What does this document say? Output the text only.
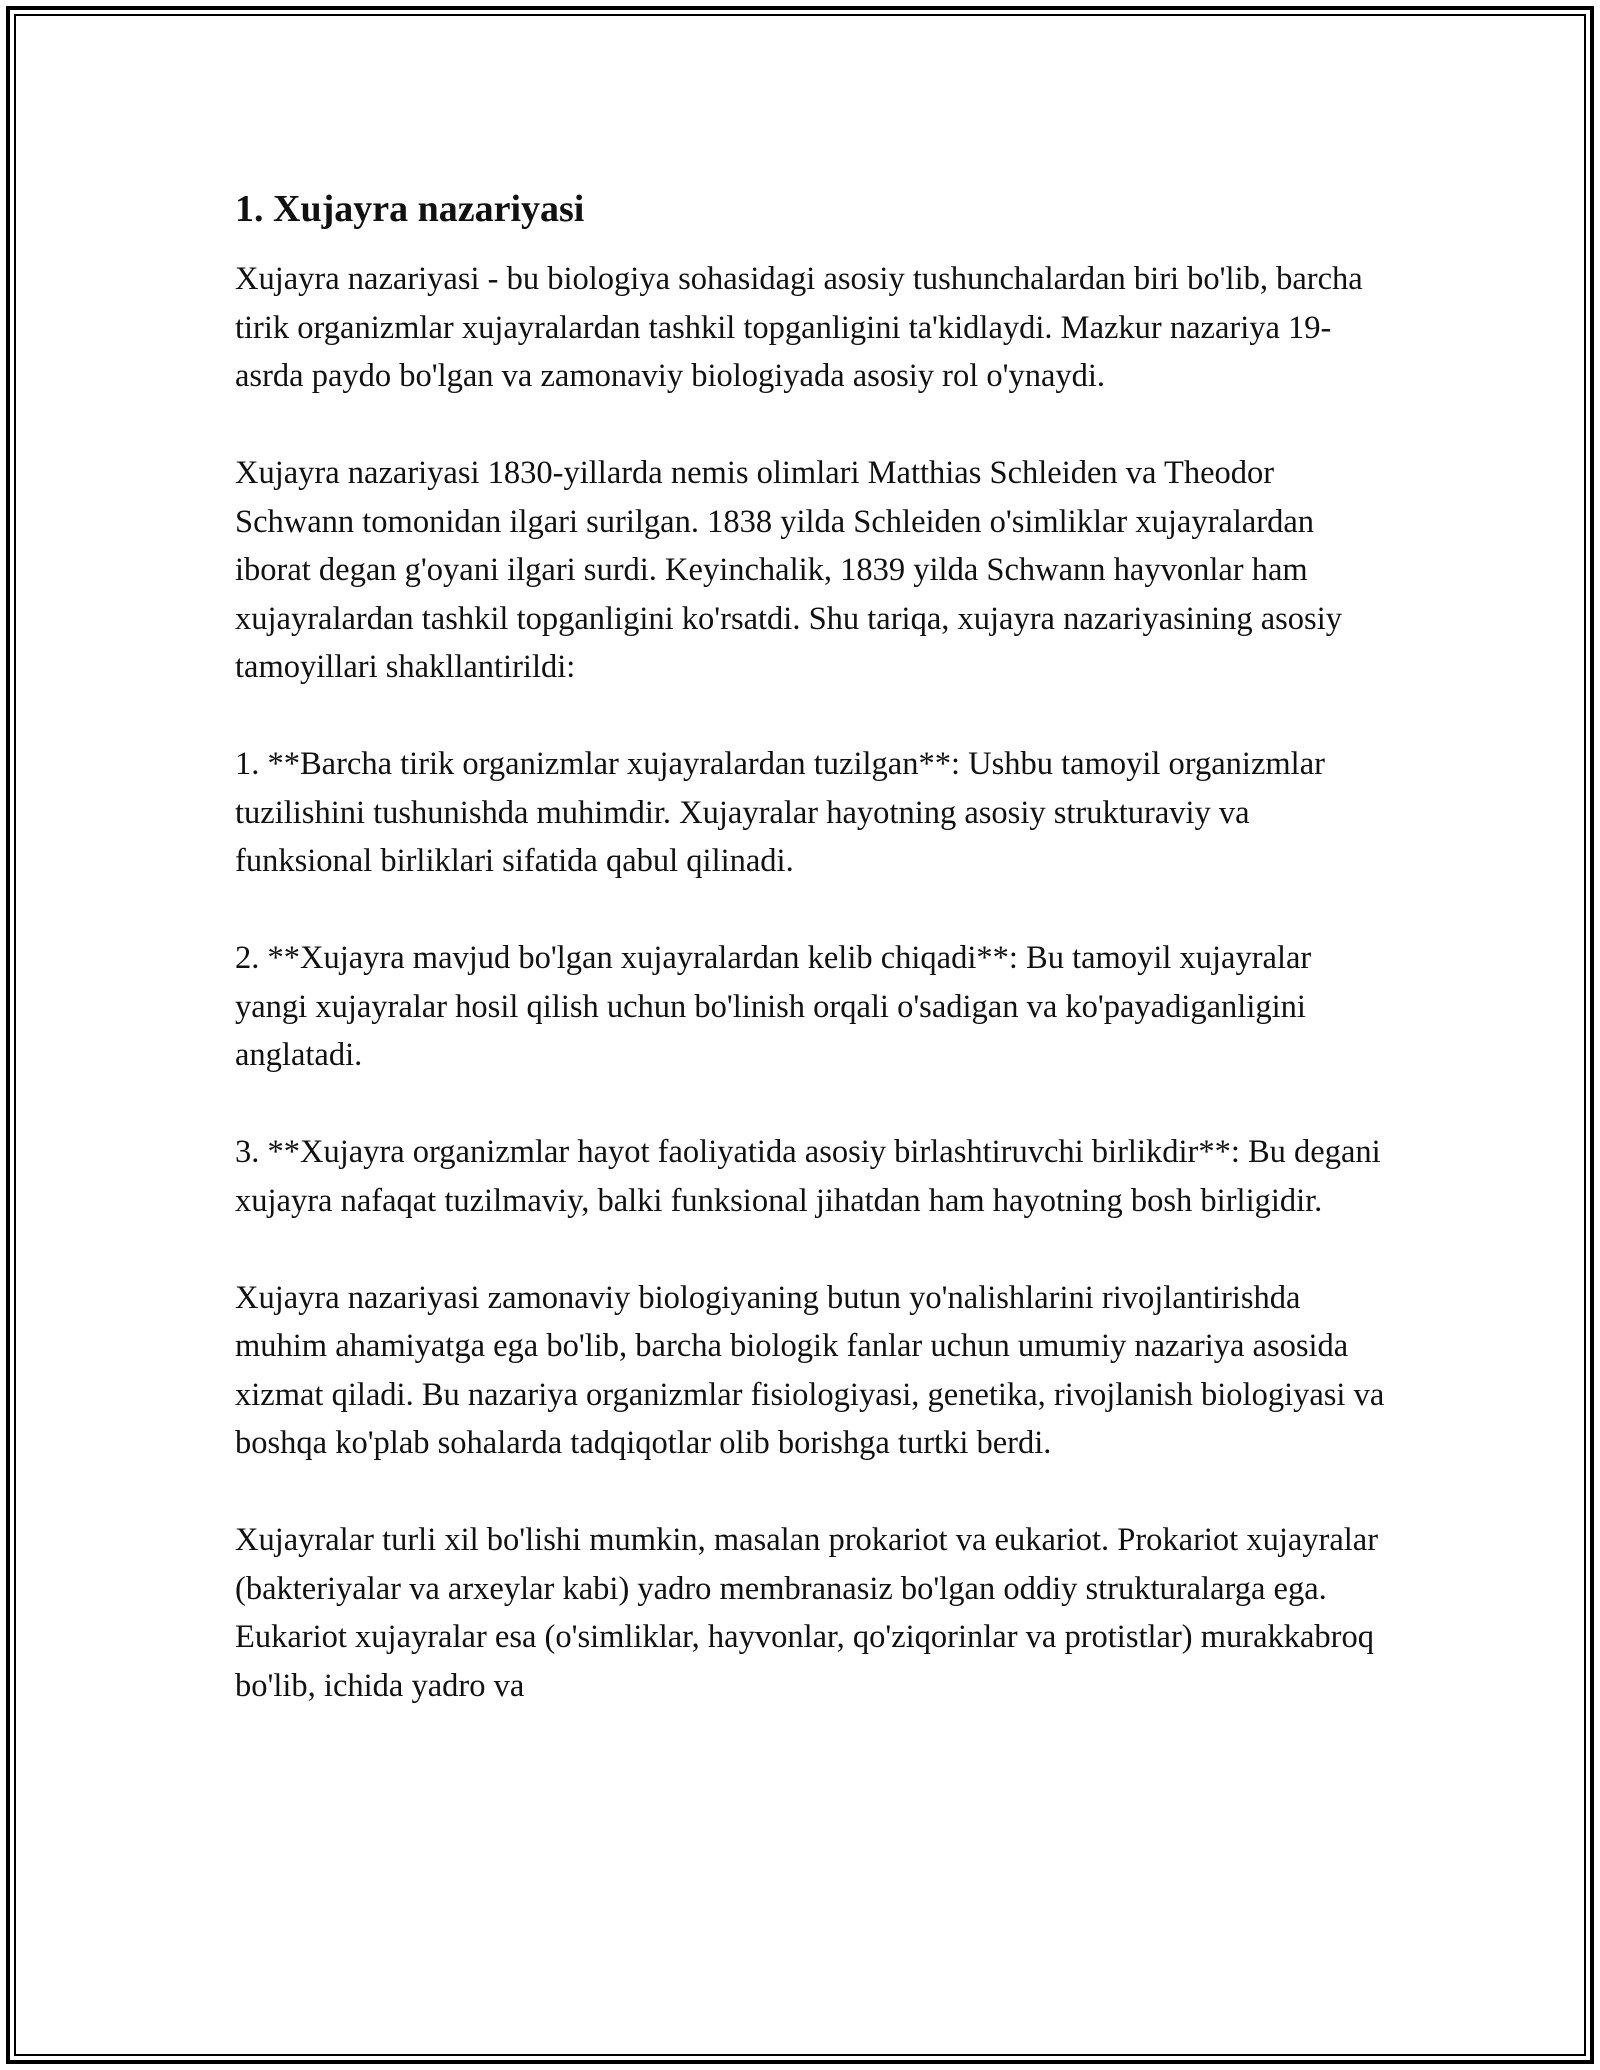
1. Xujayra nazariyasi

Xujayra nazariyasi - bu biologiya sohasidagi asosiy tushunchalardan biri bo'lib, barcha tirik organizmlar xujayralardan tashkil topganligini ta'kidlaydi. Mazkur nazariya 19-asrda paydo bo'lgan va zamonaviy biologiyada asosiy rol o'ynaydi.

Xujayra nazariyasi 1830-yillarda nemis olimlari Matthias Schleiden va Theodor Schwann tomonidan ilgari surilgan. 1838 yilda Schleiden o'simliklar xujayralardan iborat degan g'oyani ilgari surdi. Keyinchalik, 1839 yilda Schwann hayvonlar ham xujayralardan tashkil topganligini ko'rsatdi. Shu tariqa, xujayra nazariyasining asosiy tamoyillari shakllantirildi:

1. **Barcha tirik organizmlar xujayralardan tuzilgan**: Ushbu tamoyil organizmlar tuzilishini tushunishda muhimdir. Xujayralar hayotning asosiy strukturaviy va funksional birliklari sifatida qabul qilinadi.

2. **Xujayra mavjud bo'lgan xujayralardan kelib chiqadi**: Bu tamoyil xujayralar yangi xujayralar hosil qilish uchun bo'linish orqali o'sadigan va ko'payadiganligini anglatadi.

3. **Xujayra organizmlar hayot faoliyatida asosiy birlashtiruvchi birlikdir**: Bu degani xujayra nafaqat tuzilmaviy, balki funksional jihatdan ham hayotning bosh birligidir.

Xujayra nazariyasi zamonaviy biologiyaning butun yo'nalishlarini rivojlantirishda muhim ahamiyatga ega bo'lib, barcha biologik fanlar uchun umumiy nazariya asosida xizmat qiladi. Bu nazariya organizmlar fisiologiyasi, genetika, rivojlanish biologiyasi va boshqa ko'plab sohalarda tadqiqotlar olib borishga turtki berdi.

Xujayralar turli xil bo'lishi mumkin, masalan prokariot va eukariot. Prokariot xujayralar (bakteriyalar va arxeylar kabi) yadro membranasiz bo'lgan oddiy strukturalarga ega. Eukariot xujayralar esa (o'simliklar, hayvonlar, qo'ziqorinlar va protistlar) murakkabroq bo'lib, ichida yadro va
